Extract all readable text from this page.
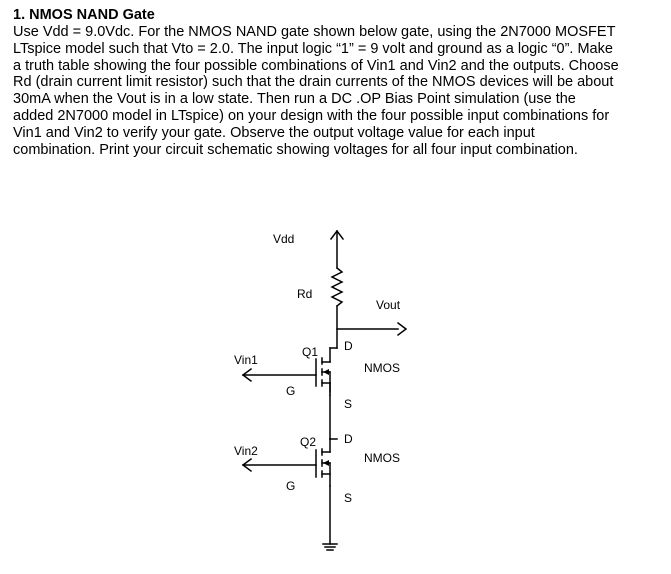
1. NMOS NAND Gate

Use Vdd = 9.0Vdc. For the NMOS NAND gate shown below gate, using the 2N7000 MOSFET

LTspice model such that Vto = 2.0. The input logic “1” = 9 volt and ground as a logic “0”. Make

a truth table showing the four possible combinations of Vin1 and Vin2 and the outputs. Choose

Rd (drain current limit resistor) such that the drain currents of the NMOS devices will be about

30mA when the Vout is in a low state. Then run a DC .OP Bias Point simulation (use the

added 2N7000 model in LTspice) on your design with the four possible input combinations for

Vin1 and Vin2 to verify your gate. Observe the output voltage value for each input

combination. Print your circuit schematic showing voltages for all four input combination.

Vdd
Rd
Vout
Q1 D
NMOS
Vin1
G
S
Q2 D
NMOS
Vin2
G
S
